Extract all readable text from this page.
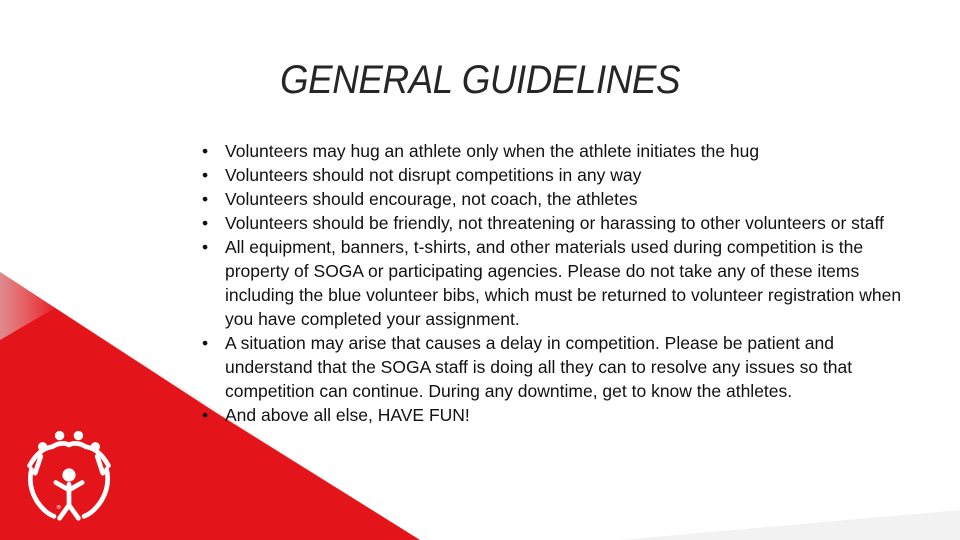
GENERAL GUIDELINES
• Volunteers may hug an athlete only when the athlete initiates the hug
• Volunteers should not disrupt competitions in any way
• Volunteers should encourage, not coach, the athletes
• Volunteers should be friendly, not threatening or harassing to other volunteers or staff
• All equipment, banners, t-shirts, and other materials used during competition is the property of SOGA or participating agencies. Please do not take any of these items including the blue volunteer bibs, which must be returned to volunteer registration when you have completed your assignment.
• A situation may arise that causes a delay in competition. Please be patient and understand that the SOGA staff is doing all they can to resolve any issues so that competition can continue. During any downtime, get to know the athletes.
• And above all else, HAVE FUN!
®
